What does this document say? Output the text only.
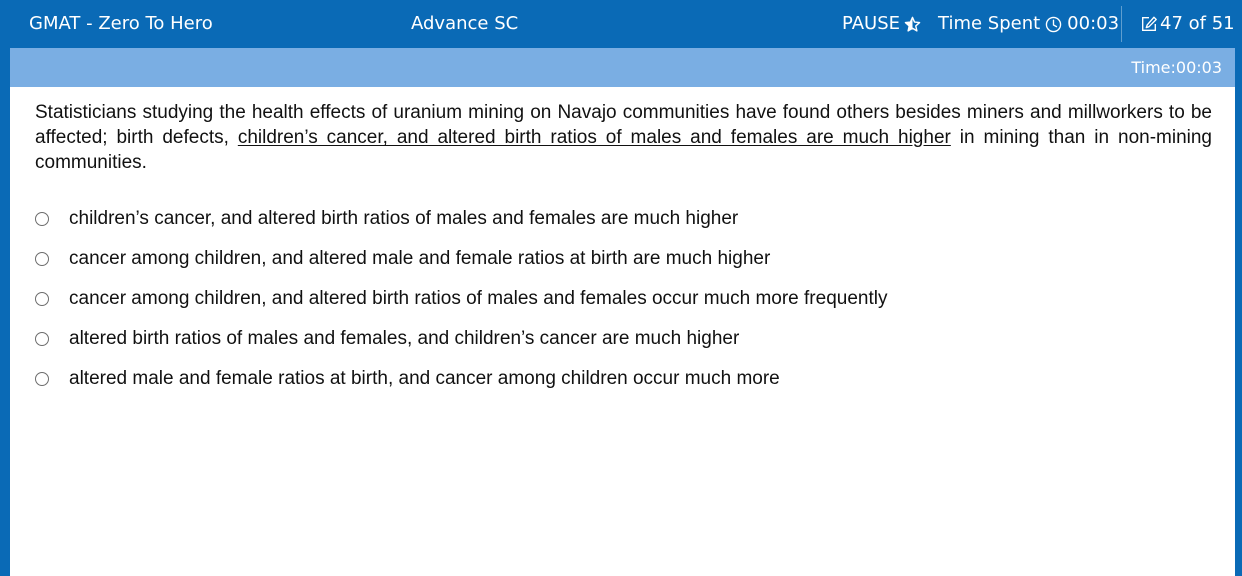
GMAT - Zero To Hero	Advance SC	PAUSE Time Spent 00:03 47 of 51
Time:00:03
Statisticians studying the health effects of uranium mining on Navajo communities have found others besides miners and millworkers to be affected; birth defects, children’s cancer, and altered birth ratios of males and females are much higher in mining than in non-mining communities.
children’s cancer, and altered birth ratios of males and females are much higher
cancer among children, and altered male and female ratios at birth are much higher
cancer among children, and altered birth ratios of males and females occur much more frequently
altered birth ratios of males and females, and children’s cancer are much higher
altered male and female ratios at birth, and cancer among children occur much more
